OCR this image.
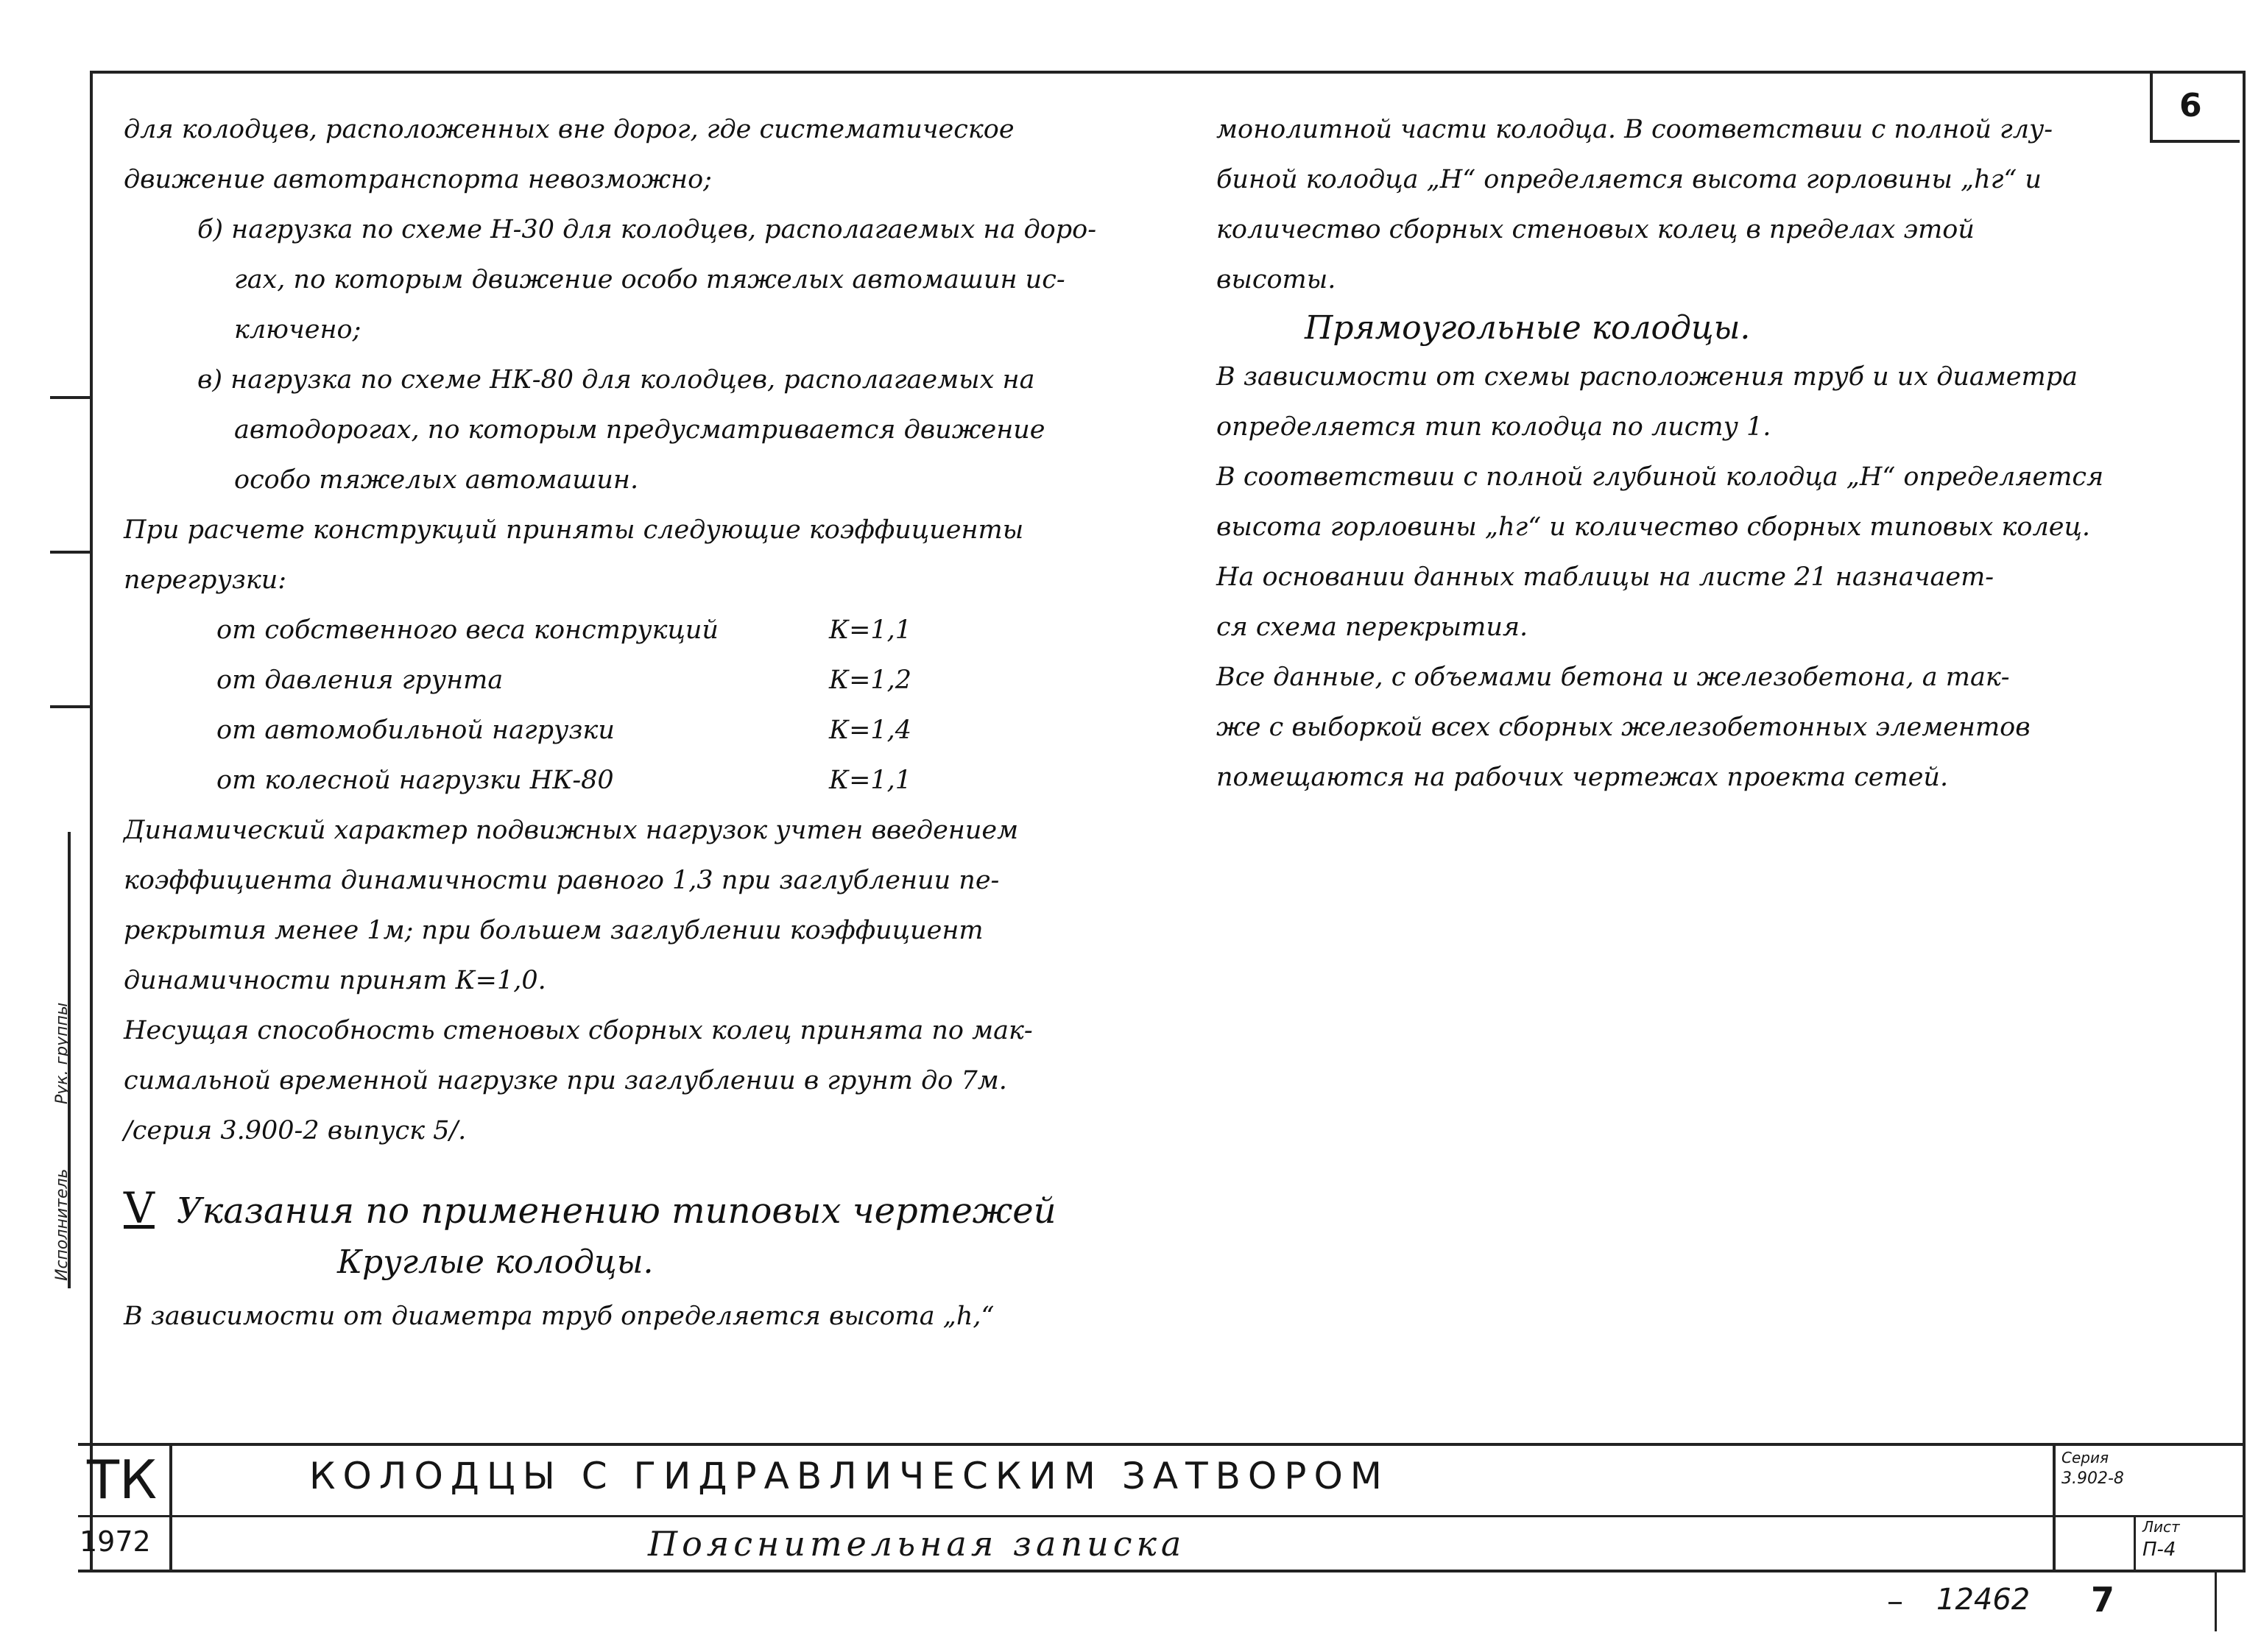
6
Исполнитель
Рук. группы
для колодцев, расположенных вне дорог, где систематическое
движение автотранспорта невозможно;
б) нагрузка по схеме Н-30 для колодцев, располагаемых на доро-
гах, по которым движение особо тяжелых автомашин ис-
ключено;
в) нагрузка по схеме НК-80 для колодцев, располагаемых на
автодорогах, по которым предусматривается движение
особо тяжелых автомашин.
При расчете конструкций приняты следующие коэффициенты
перегрузки:
от собственного веса конструкций	К=1,1
от давления грунта	К=1,2
от автомобильной нагрузки	К=1,4
от колесной нагрузки НК-80	К=1,1
Динамический характер подвижных нагрузок учтен введением
коэффициента динамичности равного 1,3 при заглублении пе-
рекрытия менее 1м; при большем заглублении коэффициент
динамичности принят К=1,0.
Несущая способность стеновых сборных колец принята по мак-
симальной временной нагрузке при заглублении в грунт до 7м.
/серия 3.900-2 выпуск 5/.
V Указания по применению типовых чертежей
Круглые колодцы.
В зависимости от диаметра труб определяется высота „h,“
монолитной части колодца. В соответствии с полной глу-
биной колодца „H“ определяется высота горловины „hг“ и
количество сборных стеновых колец в пределах этой
высоты.
Прямоугольные колодцы.
В зависимости от схемы расположения труб и их диаметра
определяется тип колодца по листу 1.
В соответствии с полной глубиной колодца „H“ определяется
высота горловины „hг“ и количество сборных типовых колец.
На основании данных таблицы на листе 21 назначает-
ся схема перекрытия.
Все данные, с объемами бетона и железобетона, а так-
же с выборкой всех сборных железобетонных элементов
помещаются на рабочих чертежах проекта сетей.
ТК
1972
КОЛОДЦЫ С ГИДРАВЛИЧЕСКИМ ЗАТВОРОМ
Пояснительная записка
Серия
3.902-8
Лист
П-4
12462 7
